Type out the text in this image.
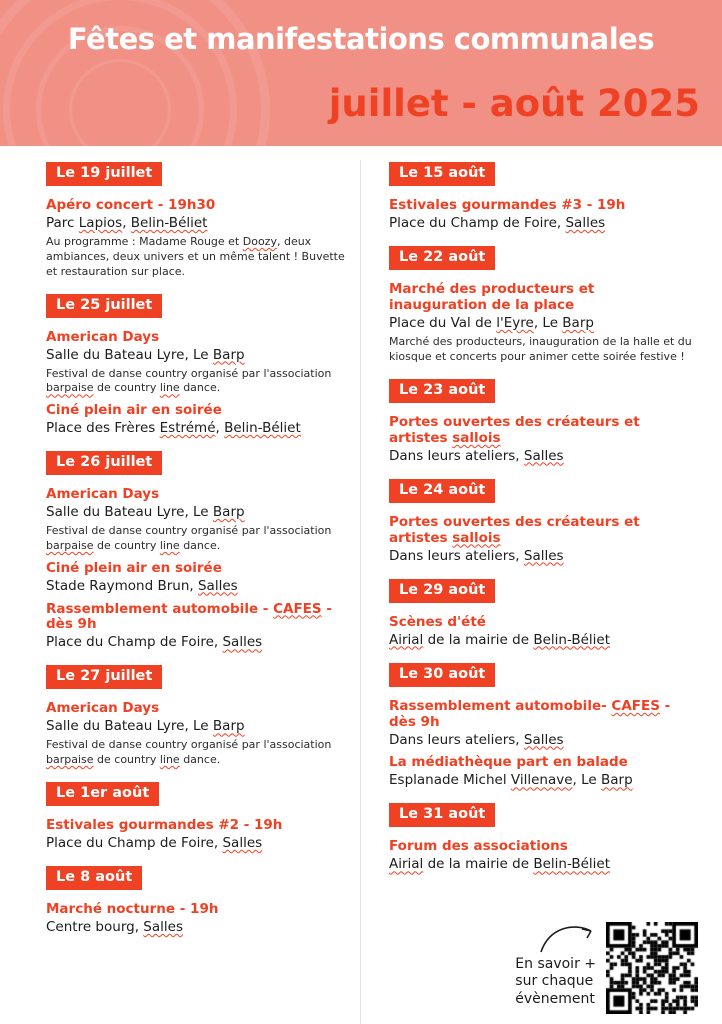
Fêtes et manifestations communales
juillet - août 2025
Le 19 juillet
Apéro concert - 19h30
Parc Lapios, Belin-Béliet
Au programme : Madame Rouge et Doozy, deux ambiances, deux univers et un même talent ! Buvette et restauration sur place.
Le 25 juillet
American Days
Salle du Bateau Lyre, Le Barp
Festival de danse country organisé par l'association barpaise de country line dance.
Ciné plein air en soirée
Place des Frères Estrémé, Belin-Béliet
Le 26 juillet
American Days
Salle du Bateau Lyre, Le Barp
Festival de danse country organisé par l'association barpaise de country line dance.
Ciné plein air en soirée
Stade Raymond Brun, Salles
Rassemblement automobile - CAFES - dès 9h
Place du Champ de Foire, Salles
Le 27 juillet
American Days
Salle du Bateau Lyre, Le Barp
Festival de danse country organisé par l'association barpaise de country line dance.
Le 1er août
Estivales gourmandes #2 - 19h
Place du Champ de Foire, Salles
Le 8 août
Marché nocturne - 19h
Centre bourg, Salles
Le 15 août
Estivales gourmandes #3 - 19h
Place du Champ de Foire, Salles
Le 22 août
Marché des producteurs et inauguration de la place
Place du Val de l'Eyre, Le Barp
Marché des producteurs, inauguration de la halle et du kiosque et concerts pour animer cette soirée festive !
Le 23 août
Portes ouvertes des créateurs et artistes sallois
Dans leurs ateliers, Salles
Le 24 août
Portes ouvertes des créateurs et artistes sallois
Dans leurs ateliers, Salles
Le 29 août
Scènes d'été
Airial de la mairie de Belin-Béliet
Le 30 août
Rassemblement automobile- CAFES - dès 9h
Dans leurs ateliers, Salles
La médiathèque part en balade
Esplanade Michel Villenave, Le Barp
Le 31 août
Forum des associations
Airial de la mairie de Belin-Béliet
En savoir +
sur chaque
évènement
